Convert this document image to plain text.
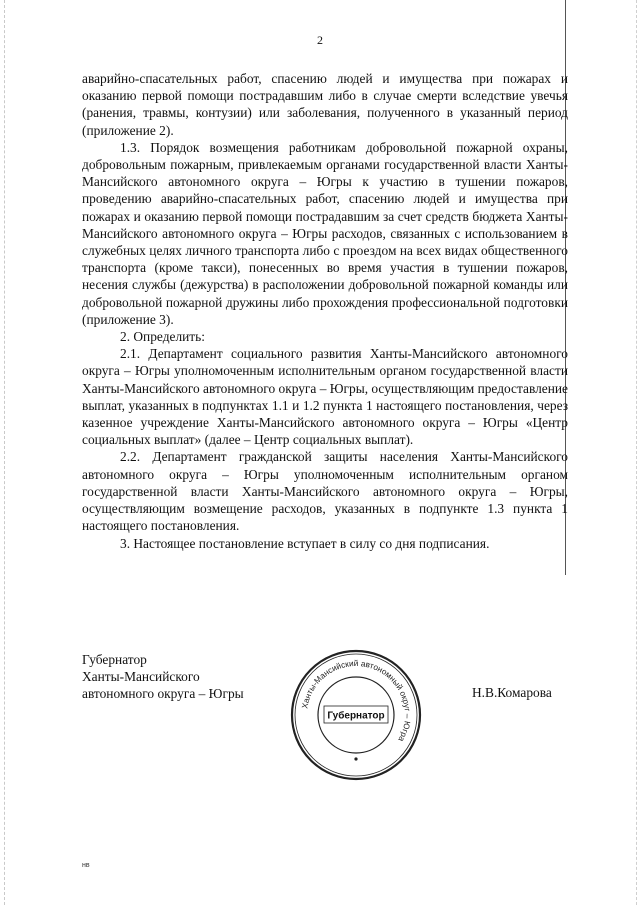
2

аварийно-спасательных работ, спасению людей и имущества при пожарах и оказанию первой помощи пострадавшим либо в случае смерти вследствие увечья (ранения, травмы, контузии) или заболевания, полученного в указанный период (приложение 2).

1.3. Порядок возмещения работникам добровольной пожарной охраны, добровольным пожарным, привлекаемым органами государственной власти Ханты-Мансийского автономного округа – Югры к участию в тушении пожаров, проведению аварийно-спасательных работ, спасению людей и имущества при пожарах и оказанию первой помощи пострадавшим за счет средств бюджета Ханты-Мансийского автономного округа – Югры расходов, связанных с использованием в служебных целях личного транспорта либо с проездом на всех видах общественного транспорта (кроме такси), понесенных во время участия в тушении пожаров, несения службы (дежурства) в расположении добровольной пожарной команды или добровольной пожарной дружины либо прохождения профессиональной подготовки (приложение 3).

2. Определить:

2.1. Департамент социального развития Ханты-Мансийского автономного округа – Югры уполномоченным исполнительным органом государственной власти Ханты-Мансийского автономного округа – Югры, осуществляющим предоставление выплат, указанных в подпунктах 1.1 и 1.2 пункта 1 настоящего постановления, через казенное учреждение Ханты-Мансийского автономного округа – Югры «Центр социальных выплат» (далее – Центр социальных выплат).

2.2. Департамент гражданской защиты населения Ханты-Мансийского автономного округа – Югры уполномоченным исполнительным органом государственной власти Ханты-Мансийского автономного округа – Югры, осуществляющим возмещение расходов, указанных в подпункте 1.3 пункта 1 настоящего постановления.

3. Настоящее постановление вступает в силу со дня подписания.

Губернатор
Ханты-Мансийского
автономного округа – Югры	Н.В.Комарова
Ханты-Мансийский автономный округ – Югра
Губернатор
нв
